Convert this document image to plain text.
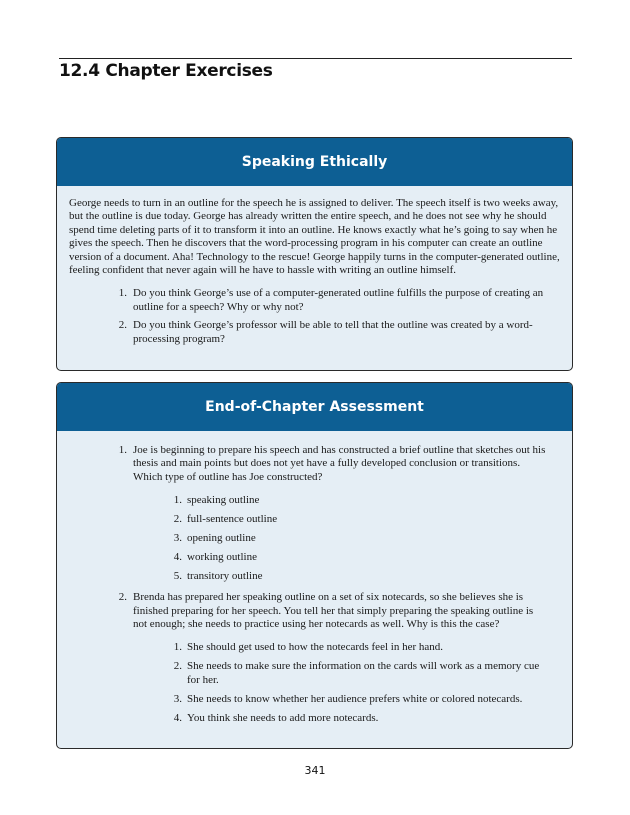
12.4 Chapter Exercises
Speaking Ethically

George needs to turn in an outline for the speech he is assigned to deliver. The speech itself is two weeks away, but the outline is due today. George has already written the entire speech, and he does not see why he should spend time deleting parts of it to transform it into an outline. He knows exactly what he’s going to say when he gives the speech. Then he discovers that the word-processing program in his computer can create an outline version of a document. Aha! Technology to the rescue! George happily turns in the computer-generated outline, feeling confident that never again will he have to hassle with writing an outline himself.

1. Do you think George’s use of a computer-generated outline fulfills the purpose of creating an outline for a speech? Why or why not?
2. Do you think George’s professor will be able to tell that the outline was created by a word-processing program?
End-of-Chapter Assessment
1. Joe is beginning to prepare his speech and has constructed a brief outline that sketches out his thesis and main points but does not yet have a fully developed conclusion or transitions. Which type of outline has Joe constructed?
1. speaking outline
2. full-sentence outline
3. opening outline
4. working outline
5. transitory outline
2. Brenda has prepared her speaking outline on a set of six notecards, so she believes she is finished preparing for her speech. You tell her that simply preparing the speaking outline is not enough; she needs to practice using her notecards as well. Why is this the case?
1. She should get used to how the notecards feel in her hand.
2. She needs to make sure the information on the cards will work as a memory cue for her.
3. She needs to know whether her audience prefers white or colored notecards.
4. You think she needs to add more notecards.
341
